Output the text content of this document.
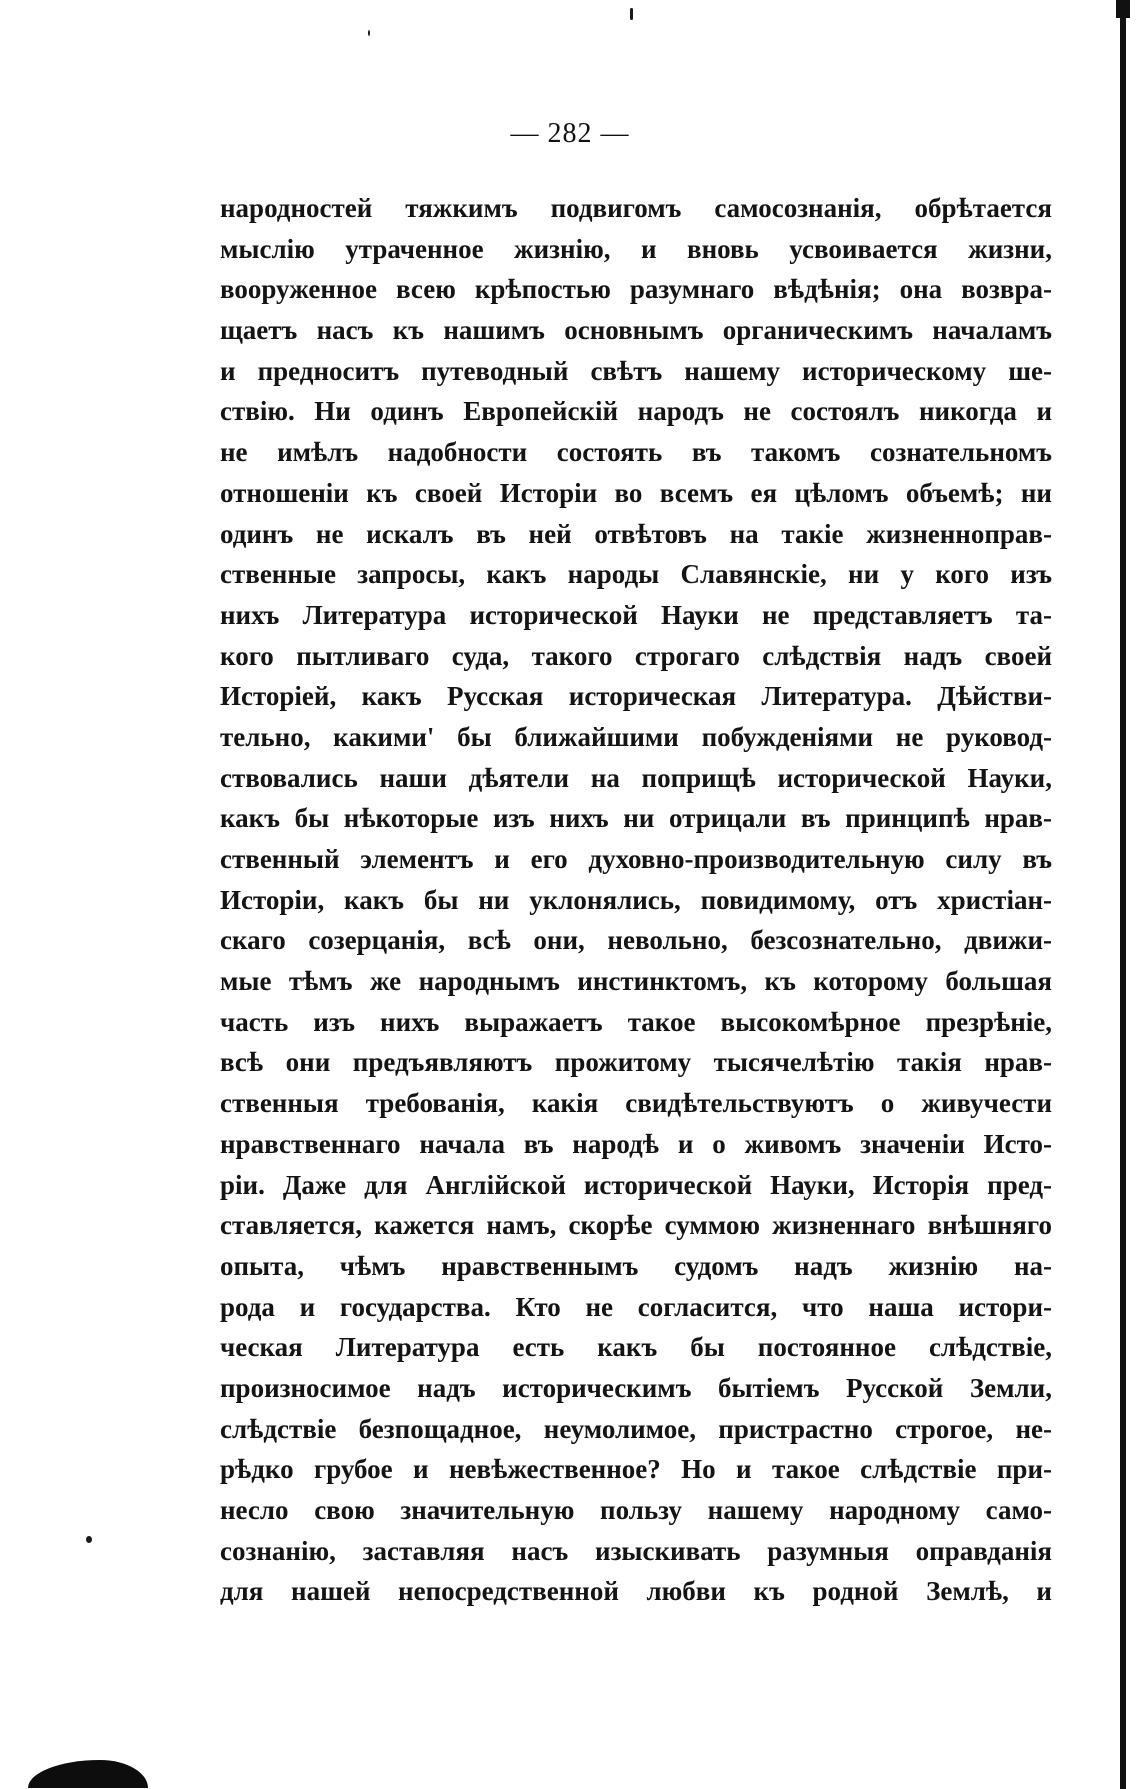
— 282 —
народностей тяжкимъ подвигомъ самосознанія, обрѣтается
мыслію утраченное жизнію, и вновь усвоивается жизни,
вооруженное всею крѣпостью разумнаго вѣдѣнія; она возвра-
щаетъ насъ къ нашимъ основнымъ органическимъ началамъ
и предноситъ путеводный свѣтъ нашему историческому ше-
ствію. Ни одинъ Европейскій народъ не состоялъ никогда и
не имѣлъ надобности состоять въ такомъ сознательномъ
отношеніи къ своей Исторіи во всемъ ея цѣломъ объемѣ; ни
одинъ не искалъ въ ней отвѣтовъ на такіе жизненноправ-
ственные запросы, какъ народы Славянскіе, ни у кого изъ
нихъ Литература исторической Науки не представляетъ та-
кого пытливаго суда, такого строгаго слѣдствія надъ своей
Исторіей, какъ Русская историческая Литература. Дѣйстви-
тельно, какими' бы ближайшими побужденіями не руковод-
ствовались наши дѣятели на поприщѣ исторической Науки,
какъ бы нѣкоторые изъ нихъ ни отрицали въ принципѣ нрав-
ственный элементъ и его духовно-производительную силу въ
Исторіи, какъ бы ни уклонялись, повидимому, отъ христіан-
скаго созерцанія, всѣ они, невольно, безсознательно, движи-
мые тѣмъ же народнымъ инстинктомъ, къ которому большая
часть изъ нихъ выражаетъ такое высокомѣрное презрѣніе,
всѣ они предъявляютъ прожитому тысячелѣтію такія нрав-
ственныя требованія, какія свидѣтельствуютъ о живучести
нравственнаго начала въ народѣ и о живомъ значеніи Исто-
ріи. Даже для Англійской исторической Науки, Исторія пред-
ставляется, кажется намъ, скорѣе суммою жизненнаго внѣшняго
опыта, чѣмъ нравственнымъ судомъ надъ жизнію на-
рода и государства. Кто не согласится, что наша истори-
ческая Литература есть какъ бы постоянное слѣдствіе,
произносимое надъ историческимъ бытіемъ Русской Земли,
слѣдствіе безпощадное, неумолимое, пристрастно строгое, не-
рѣдко грубое и невѣжественное? Но и такое слѣдствіе при-
несло свою значительную пользу нашему народному само-
сознанію, заставляя насъ изыскивать разумныя оправданія
для нашей непосредственной любви къ родной Землѣ, и
